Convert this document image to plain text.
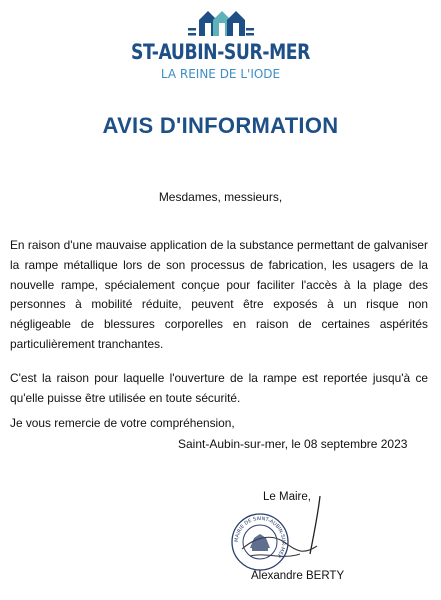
ST-AUBIN-SUR-MER
LA REINE DE L'IODE
AVIS D'INFORMATION
Mesdames, messieurs,
En raison d'une mauvaise application de la substance permettant de galvaniser la rampe métallique lors de son processus de fabrication, les usagers de la nouvelle rampe, spécialement conçue pour faciliter l'accès à la plage des personnes à mobilité réduite, peuvent être exposés à un risque non négligeable de blessures corporelles en raison de certaines aspérités particulièrement tranchantes.
C'est la raison pour laquelle l'ouverture de la rampe est reportée jusqu'à ce qu'elle puisse être utilisée en toute sécurité.
Je vous remercie de votre compréhension,
Saint-Aubin-sur-mer, le 08 septembre 2023
Le Maire,
MAIRIE DE SAINT-AUBIN-SUR-MER
Alexandre BERTY
